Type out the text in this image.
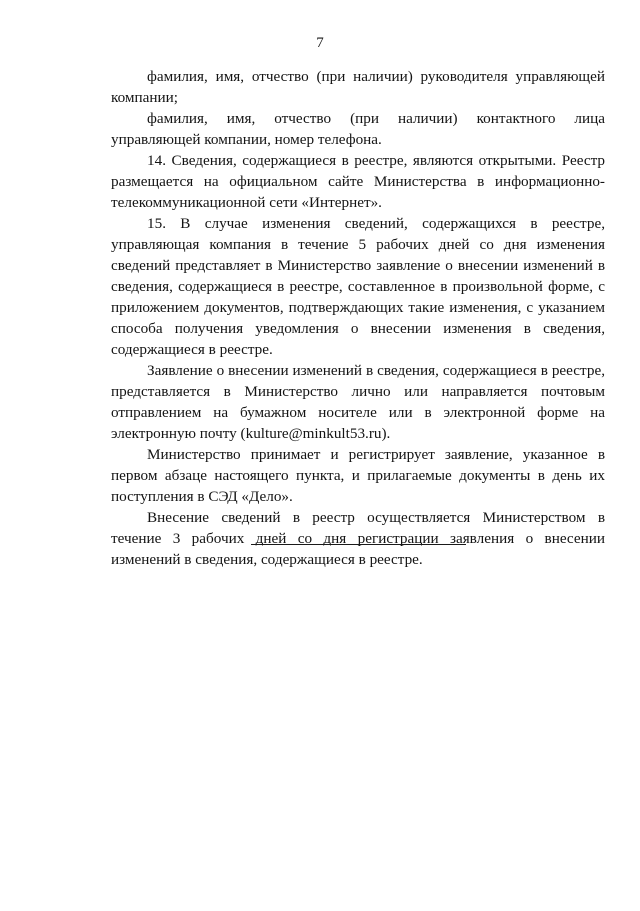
7

фамилия, имя, отчество (при наличии) руководителя управляющей компании;

фамилия, имя, отчество (при наличии) контактного лица управляющей компании, номер телефона.

14. Сведения, содержащиеся в реестре, являются открытыми. Реестр размещается на официальном сайте Министерства в информационно-телекоммуникационной сети «Интернет».

15. В случае изменения сведений, содержащихся в реестре, управляющая компания в течение 5 рабочих дней со дня изменения сведений представляет в Министерство заявление о внесении изменений в сведения, содержащиеся в реестре, составленное в произвольной форме, с приложением документов, подтверждающих такие изменения, с указанием способа получения уведомления о внесении изменения в сведения, содержащиеся в реестре.

Заявление о внесении изменений в сведения, содержащиеся в реестре, представляется в Министерство лично или направляется почтовым отправлением на бумажном носителе или в электронной форме на электронную почту (kulture@minkult53.ru).

Министерство принимает и регистрирует заявление, указанное в первом абзаце настоящего пункта, и прилагаемые документы в день их поступления в СЭД «Дело».

Внесение сведений в реестр осуществляется Министерством в течение 3 рабочих дней со дня регистрации заявления о внесении изменений в сведения, содержащиеся в реестре.
